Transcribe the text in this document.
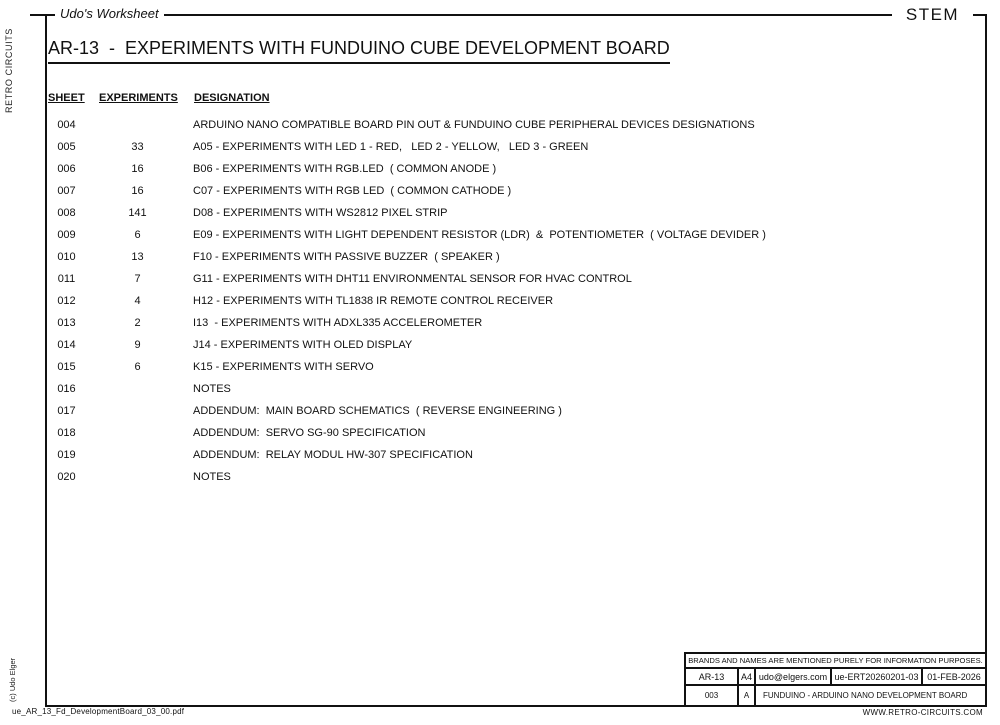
Udo's Worksheet	STEM
RETRO CIRCUITS
(c) Udo Elger
AR-13  -  EXPERIMENTS WITH FUNDUINO CUBE DEVELOPMENT BOARD
SHEET EXPERIMENTS DESIGNATION
004	ARDUINO NANO COMPATIBLE BOARD PIN OUT & FUNDUINO CUBE PERIPHERAL DEVICES DESIGNATIONS
005	33	A05 - EXPERIMENTS WITH LED 1 - RED,   LED 2 - YELLOW,   LED 3 - GREEN
006	16	B06 - EXPERIMENTS WITH RGB.LED  ( COMMON ANODE )
007	16	C07 - EXPERIMENTS WITH RGB LED  ( COMMON CATHODE )
008	141	D08 - EXPERIMENTS WITH WS2812 PIXEL STRIP
009	6	E09 - EXPERIMENTS WITH LIGHT DEPENDENT RESISTOR (LDR)  &  POTENTIOMETER  ( VOLTAGE DEVIDER )
010	13	F10 - EXPERIMENTS WITH PASSIVE BUZZER  ( SPEAKER )
011	7	G11 - EXPERIMENTS WITH DHT11 ENVIRONMENTAL SENSOR FOR HVAC CONTROL
012	4	H12 - EXPERIMENTS WITH TL1838 IR REMOTE CONTROL RECEIVER
013	2	I13  - EXPERIMENTS WITH ADXL335 ACCELEROMETER
014	9	J14 - EXPERIMENTS WITH OLED DISPLAY
015	6	K15 - EXPERIMENTS WITH SERVO
016	NOTES
017	ADDENDUM:  MAIN BOARD SCHEMATICS  ( REVERSE ENGINEERING )
018	ADDENDUM:  SERVO SG-90 SPECIFICATION
019	ADDENDUM:  RELAY MODUL HW-307 SPECIFICATION
020	NOTES
BRANDS AND NAMES ARE MENTIONED PURELY FOR INFORMATION PURPOSES.
AR-13	A4 udo@elgers.com ue-ERT20260201-03 01-FEB-2026
003	A	FUNDUINO - ARDUINO NANO DEVELOPMENT BOARD
ue_AR_13_Fd_DevelopmentBoard_03_00.pdf	WWW.RETRO-CIRCUITS.COM
